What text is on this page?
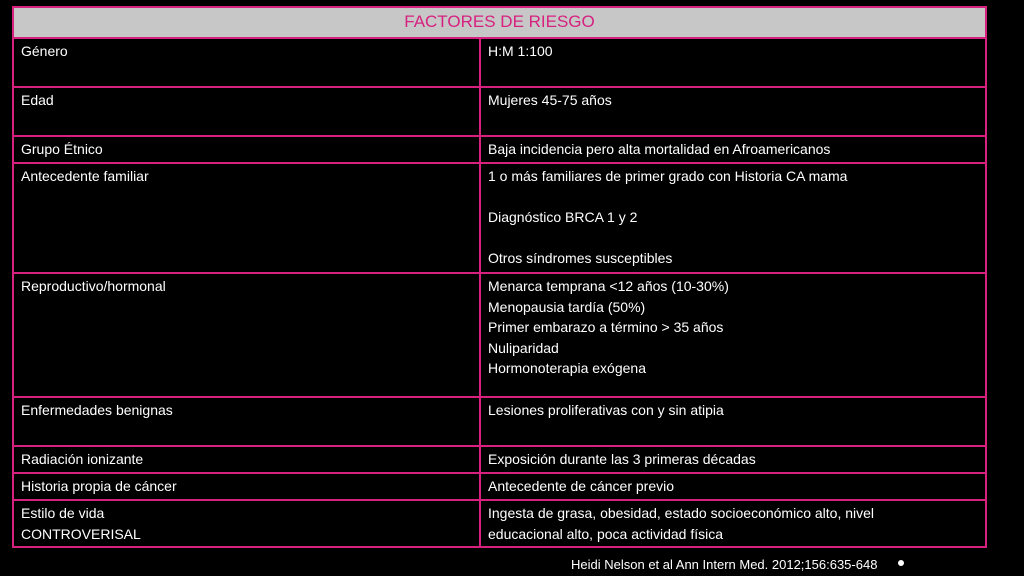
FACTORES DE RIESGO	

Género	H:M 1:100

Edad	Mujeres 45-75 años

Grupo Étnico	Baja incidencia pero alta mortalidad en Afroamericanos

Antecedente familiar	1 o más familiares de primer grado con Historia CA mama
Diagnóstico BRCA 1 y 2
Otros síndromes susceptibles

Reproductivo/hormonal	Menarca temprana <12 años (10-30%)
Menopausia tardía (50%)
Primer embarazo a término > 35 años
Nuliparidad
Hormonoterapia exógena

Enfermedades benignas	Lesiones proliferativas con y sin atipia

Radiación ionizante	Exposición durante las 3 primeras décadas

Historia propia de cáncer	Antecedente de cáncer previo

Estilo de vida
CONTROVERISAL	Ingesta de grasa, obesidad, estado socioeconómico alto, nivel
educacional alto, poca actividad física
Heidi Nelson et al Ann Intern Med. 2012;156:635-648
